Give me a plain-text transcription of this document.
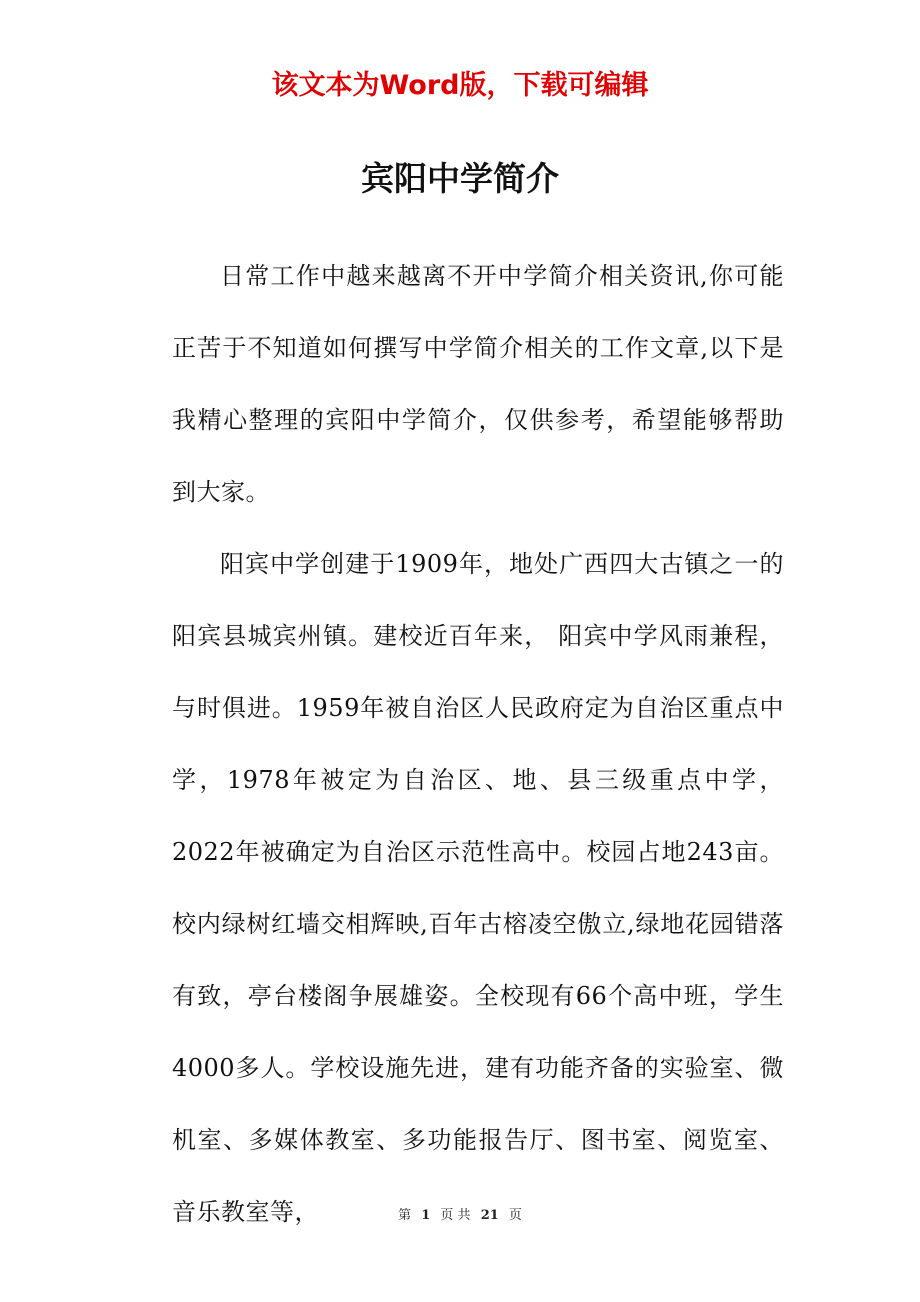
该文本为Word版，下载可编辑
宾阳中学简介

日常工作中越来越离不开中学简介相关资讯,你可能正苦于不知道如何撰写中学简介相关的工作文章,以下是我精心整理的宾阳中学简介，仅供参考，希望能够帮助到大家。

阳宾中学创建于1909年，地处广西四大古镇之一的阳宾县城宾州镇。建校近百年来， 阳宾中学风雨兼程，与时俱进。1959年被自治区人民政府定为自治区重点中学，1978年被定为自治区、地、县三级重点中学，2022年被确定为自治区示范性高中。校园占地243亩。校内绿树红墙交相辉映,百年古榕凌空傲立,绿地花园错落有致，亭台楼阁争展雄姿。全校现有66个高中班，学生4000多人。学校设施先进，建有功能齐备的实验室、微机室、多媒体教室、多功能报告厅、图书室、阅览室、音乐教室等，	第 1 页 共 21 页
